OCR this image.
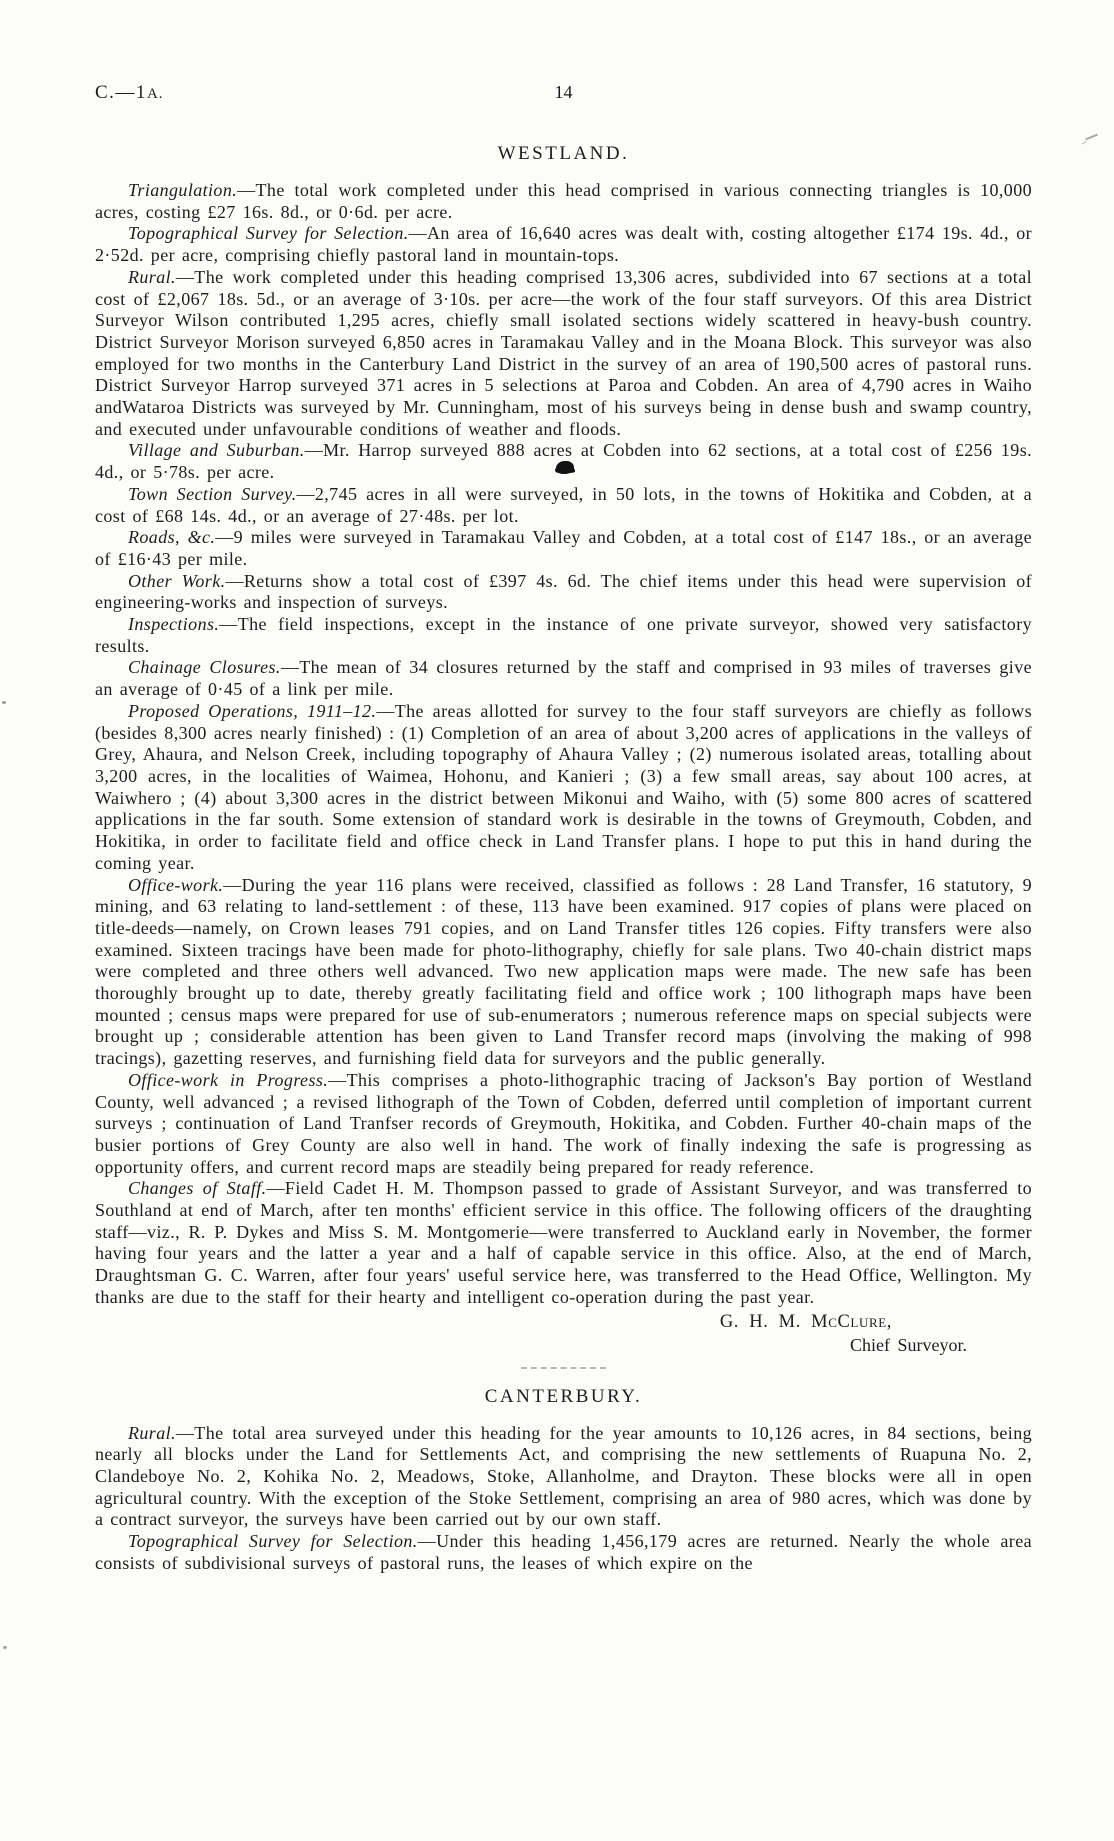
C.—1A.	14
WESTLAND.

Triangulation.—The total work completed under this head comprised in various connecting triangles is 10,000 acres, costing £27 16s. 8d., or 0·6d. per acre.

Topographical Survey for Selection.—An area of 16,640 acres was dealt with, costing altogether £174 19s. 4d., or 2·52d. per acre, comprising chiefly pastoral land in mountain-tops.

Rural.—The work completed under this heading comprised 13,306 acres, subdivided into 67 sections at a total cost of £2,067 18s. 5d., or an average of 3·10s. per acre—the work of the four staff surveyors. Of this area District Surveyor Wilson contributed 1,295 acres, chiefly small isolated sections widely scattered in heavy-bush country. District Surveyor Morison surveyed 6,850 acres in Taramakau Valley and in the Moana Block. This surveyor was also employed for two months in the Canterbury Land District in the survey of an area of 190,500 acres of pastoral runs. District Surveyor Harrop surveyed 371 acres in 5 selections at Paroa and Cobden. An area of 4,790 acres in Waiho andWataroa Districts was surveyed by Mr. Cunningham, most of his surveys being in dense bush and swamp country, and executed under unfavourable conditions of weather and floods.

Village and Suburban.—Mr. Harrop surveyed 888 acres at Cobden into 62 sections, at a total cost of £256 19s. 4d., or 5·78s. per acre.

Town Section Survey.—2,745 acres in all were surveyed, in 50 lots, in the towns of Hokitika and Cobden, at a cost of £68 14s. 4d., or an average of 27·48s. per lot.

Roads, &c.—9 miles were surveyed in Taramakau Valley and Cobden, at a total cost of £147 18s., or an average of £16·43 per mile.

Other Work.—Returns show a total cost of £397 4s. 6d. The chief items under this head were supervision of engineering-works and inspection of surveys.

Inspections.—The field inspections, except in the instance of one private surveyor, showed very satisfactory results.

Chainage Closures.—The mean of 34 closures returned by the staff and comprised in 93 miles of traverses give an average of 0·45 of a link per mile.

Proposed Operations, 1911–12.—The areas allotted for survey to the four staff surveyors are chiefly as follows (besides 8,300 acres nearly finished) : (1) Completion of an area of about 3,200 acres of applications in the valleys of Grey, Ahaura, and Nelson Creek, including topography of Ahaura Valley ; (2) numerous isolated areas, totalling about 3,200 acres, in the localities of Waimea, Hohonu, and Kanieri ; (3) a few small areas, say about 100 acres, at Waiwhero ; (4) about 3,300 acres in the district between Mikonui and Waiho, with (5) some 800 acres of scattered applications in the far south. Some extension of standard work is desirable in the towns of Greymouth, Cobden, and Hokitika, in order to facilitate field and office check in Land Transfer plans. I hope to put this in hand during the coming year.

Office-work.—During the year 116 plans were received, classified as follows : 28 Land Transfer, 16 statutory, 9 mining, and 63 relating to land-settlement : of these, 113 have been examined. 917 copies of plans were placed on title-deeds—namely, on Crown leases 791 copies, and on Land Transfer titles 126 copies. Fifty transfers were also examined. Sixteen tracings have been made for photo-lithography, chiefly for sale plans. Two 40-chain district maps were completed and three others well advanced. Two new application maps were made. The new safe has been thoroughly brought up to date, thereby greatly facilitating field and office work ; 100 lithograph maps have been mounted ; census maps were prepared for use of sub-enumerators ; numerous reference maps on special subjects were brought up ; considerable attention has been given to Land Transfer record maps (involving the making of 998 tracings), gazetting reserves, and furnishing field data for surveyors and the public generally.

Office-work in Progress.—This comprises a photo-lithographic tracing of Jackson's Bay portion of Westland County, well advanced ; a revised lithograph of the Town of Cobden, deferred until completion of important current surveys ; continuation of Land Tranfser records of Greymouth, Hokitika, and Cobden. Further 40-chain maps of the busier portions of Grey County are also well in hand. The work of finally indexing the safe is progressing as opportunity offers, and current record maps are steadily being prepared for ready reference.

Changes of Staff.—Field Cadet H. M. Thompson passed to grade of Assistant Surveyor, and was transferred to Southland at end of March, after ten months' efficient service in this office. The following officers of the draughting staff—viz., R. P. Dykes and Miss S. M. Montgomerie—were transferred to Auckland early in November, the former having four years and the latter a year and a half of capable service in this office. Also, at the end of March, Draughtsman G. C. Warren, after four years' useful service here, was transferred to the Head Office, Wellington. My thanks are due to the staff for their hearty and intelligent co-operation during the past year.

G. H. M. McClure,
Chief Surveyor.
CANTERBURY.

Rural.—The total area surveyed under this heading for the year amounts to 10,126 acres, in 84 sections, being nearly all blocks under the Land for Settlements Act, and comprising the new settlements of Ruapuna No. 2, Clandeboye No. 2, Kohika No. 2, Meadows, Stoke, Allanholme, and Drayton. These blocks were all in open agricultural country. With the exception of the Stoke Settlement, comprising an area of 980 acres, which was done by a contract surveyor, the surveys have been carried out by our own staff.

Topographical Survey for Selection.—Under this heading 1,456,179 acres are returned. Nearly the whole area consists of subdivisional surveys of pastoral runs, the leases of which expire on the
